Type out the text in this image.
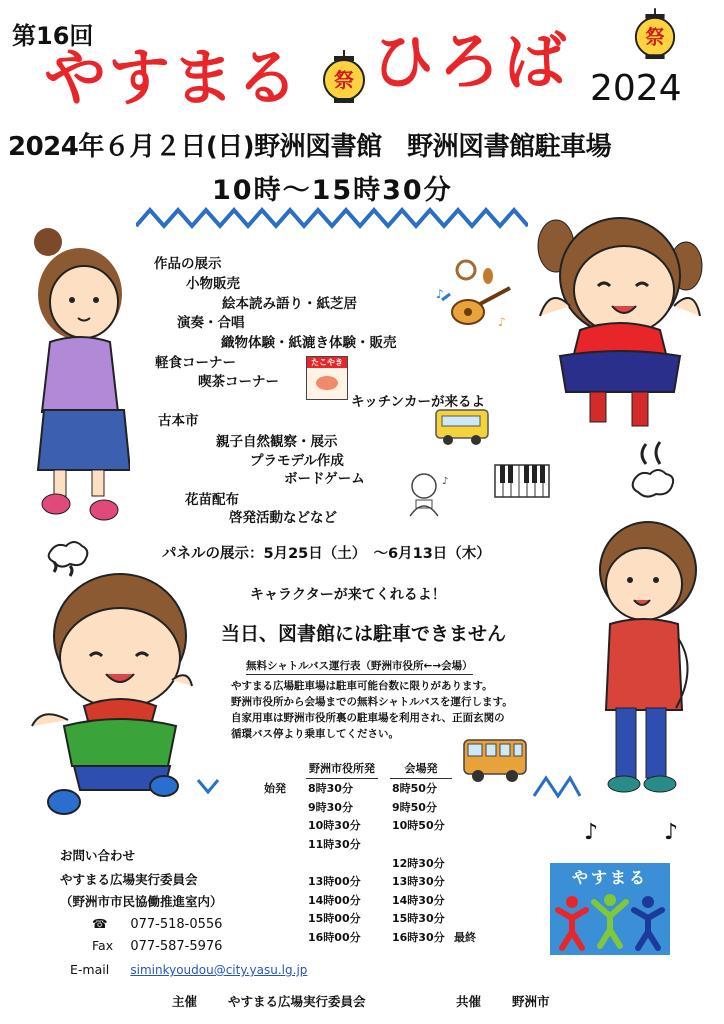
第16回
やすまる 祭 ひろば	祭
2024
2024年６月２日(日)野洲図書館　野洲図書館駐車場
10時～15時30分
作品の展示
小物販売
絵本読み語り・紙芝居
演奏・合唱
織物体験・紙漉き体験・販売
軽食コーナー
喫茶コーナー
キッチンカーが来るよ
古本市
親子自然観察・展示
プラモデル作成
ボードゲーム
花苗配布
啓発活動などなど
♪
♪
たこやき
♪
パネルの展示：5月25日（土）　～6月13日（木）
キャラクターが来てくれるよ！
当日、図書館には駐車できません
無料シャトルバス運行表（野洲市役所←→会場）
やすまる広場駐車場は駐車可能台数に限りがあります。
野洲市役所から会場までの無料シャトルバスを運行します。
自家用車は野洲市役所裏の駐車場を利用され、正面玄関の
循環バス停より乗車してください。
	野洲市役所発		会場発	
始発	8時30分		8時50分	
	9時30分		9時50分	
	10時30分		10時50分	
	11時30分			
			12時30分	
	13時00分		13時30分	
	14時00分		14時30分	
	15時00分		15時30分	
	16時00分		16時30分	最終
お問い合わせ
やすまる広場実行委員会
（野洲市市民協働推進室内）
☎ 077-518-0556
Fax 077-587-5976
E-mail siminkyoudou@city.yasu.lg.jp
♪	♪
やすまる
主催 やすまる広場実行委員会	共催 野洲市
